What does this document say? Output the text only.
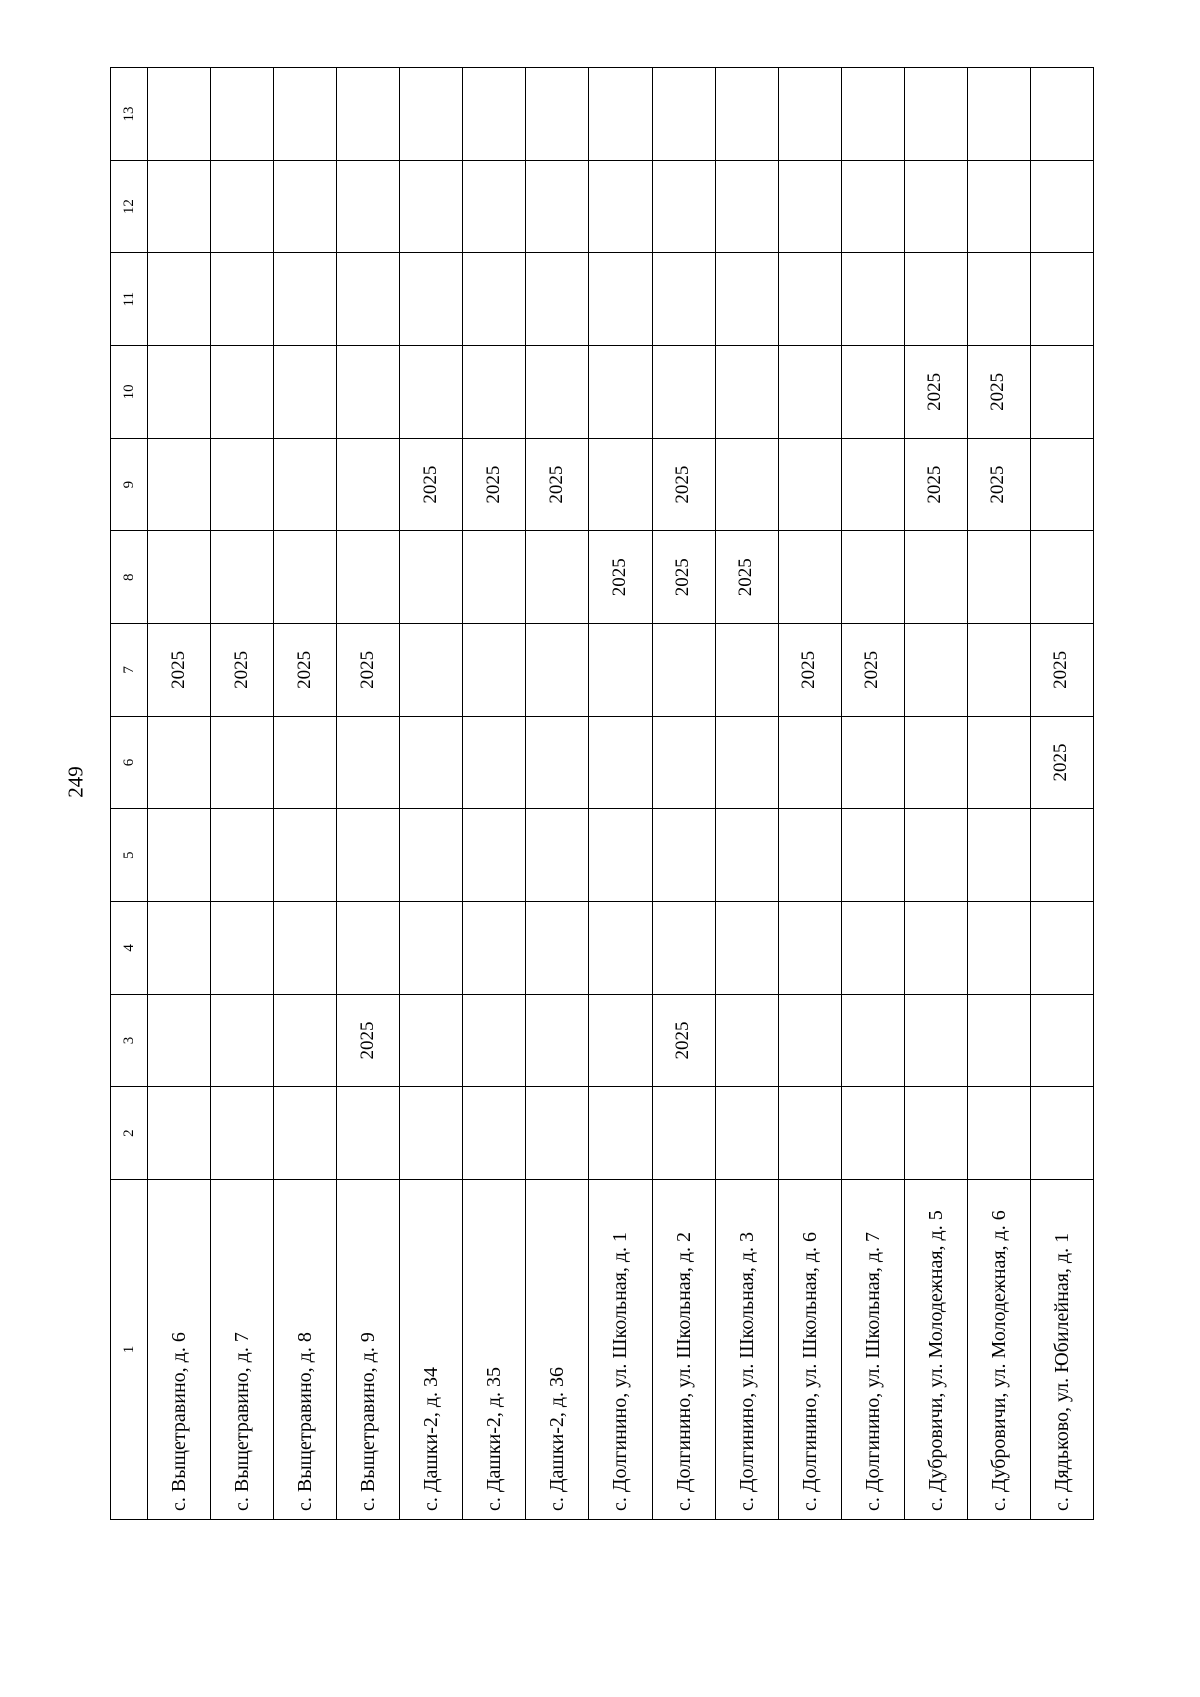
249
1	2	3	4	5	6	7	8	9	10	11	12	13
с. Выщетравино, д. 6						2025						
с. Выщетравино, д. 7						2025						
с. Выщетравино, д. 8						2025						
с. Выщетравино, д. 9		2025				2025						
с. Дашки-2, д. 34								2025				
с. Дашки-2, д. 35								2025				
с. Дашки-2, д. 36								2025				
с. Долгинино, ул. Школьная, д. 1							2025					
с. Долгинино, ул. Школьная, д. 2		2025					2025	2025				
с. Долгинино, ул. Школьная, д. 3							2025					
с. Долгинино, ул. Школьная, д. 6						2025						
с. Долгинино, ул. Школьная, д. 7						2025						
с. Дубровичи, ул. Молодежная, д. 5								2025	2025			
с. Дубровичи, ул. Молодежная, д. 6								2025	2025			
с. Дядьково, ул. Юбилейная, д. 1					2025	2025						
